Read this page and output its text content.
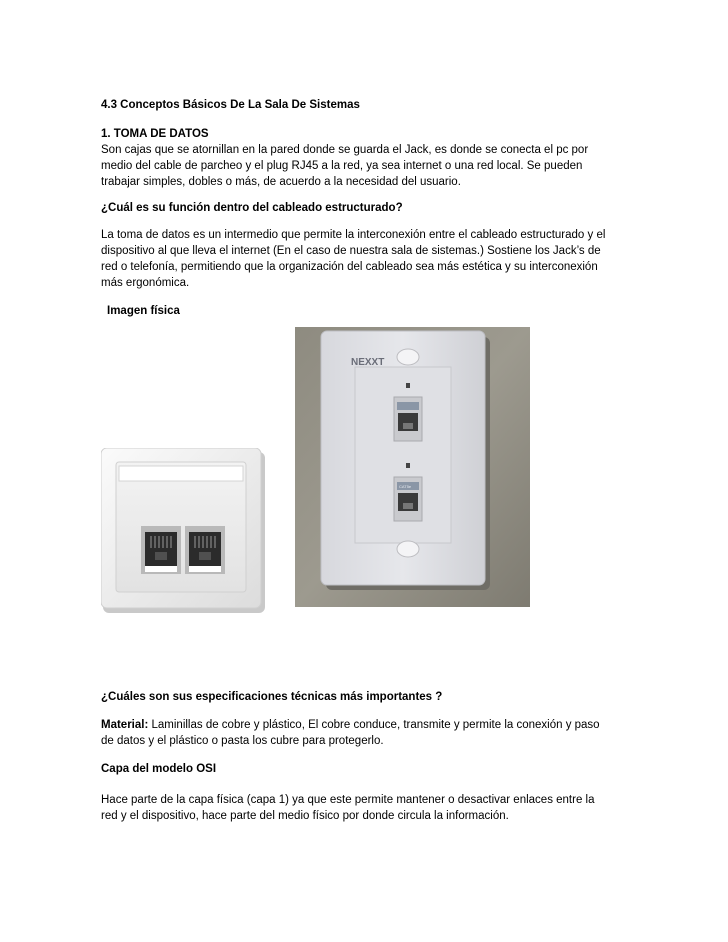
4.3 Conceptos Básicos De La Sala De Sistemas

1. TOMA DE DATOS

Son cajas que se atornillan en la pared donde se guarda el Jack, es donde se conecta el pc por

medio del cable de parcheo y el plug RJ45 a la red, ya sea internet o una red local. Se pueden

trabajar simples, dobles o más, de acuerdo a la necesidad del usuario.

¿Cuál es su función dentro del cableado estructurado?

La toma de datos es un intermedio que permite la interconexión entre el cableado estructurado y el

dispositivo al que lleva el internet (En el caso de nuestra sala de sistemas.) Sostiene los Jack’s de

red o telefonía, permitiendo que la organización del cableado sea más estética y su interconexión

más ergonómica.

Imagen física

NEXXT
CAT5e

¿Cuáles son sus especificaciones técnicas más importantes ?

Material: Laminillas de cobre y plástico, El cobre conduce, transmite y permite la conexión y paso

de datos y el plástico o pasta los cubre para protegerlo.

Capa del modelo OSI

Hace parte de la capa física (capa 1) ya que este permite mantener o desactivar enlaces entre la

red y el dispositivo, hace parte del medio físico por donde circula la información.
